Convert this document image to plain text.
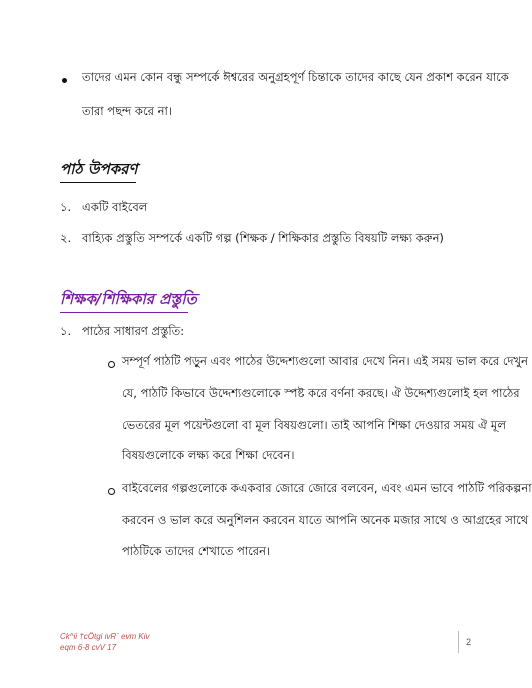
তাদের এমন কোন বন্ধু সম্পর্কে ঈশ্বরের অনুগ্রহপূর্ণ চিন্তাকে তাদের কাছে যেন প্রকাশ করেন যাকে
তারা পছন্দ করে না।
পাঠ উপকরণ
১. একটি বাইবেল
২. বাহ্যিক প্রস্তুতি সম্পর্কে একটি গল্প (শিক্ষক / শিক্ষিকার প্রস্তুতি বিষয়টি লক্ষ্য করুন)
শিক্ষক/শিক্ষিকার প্রস্তুতি
১. পাঠের সাধারণ প্রস্তুতি:
সম্পূর্ণ পাঠটি পড়ুন এবং পাঠের উদ্দেশ্যগুলো আবার দেখে নিন। এই সময় ভাল করে দেখুন
যে, পাঠটি কিভাবে উদ্দেশ্যগুলোকে স্পষ্ট করে বর্ণনা করছে। ঐ উদ্দেশ্যগুলোই হল পাঠের
ভেতরের মূল পয়েন্টগুলো বা মূল বিষয়গুলো। তাই আপনি শিক্ষা দেওয়ার সময় ঐ মূল
বিষয়গুলোকে লক্ষ্য করে শিক্ষা দেবেন।
বাইবেলের গল্পগুলোকে কএকবার জোরে জোরে বলবেন, এবং এমন ভাবে পাঠটি পরিকল্পনা
করবেন ও ভাল করে অনুশিলন করবেন যাতে আপনি অনেক মজার সাথে ও আগ্রহের সাথে
পাঠটিকে তাদের শেখাতে পারেন।
Ck^ii †cÖtgi ivR¨ evm Kiv
eqm 6-8 cvV 17
2
